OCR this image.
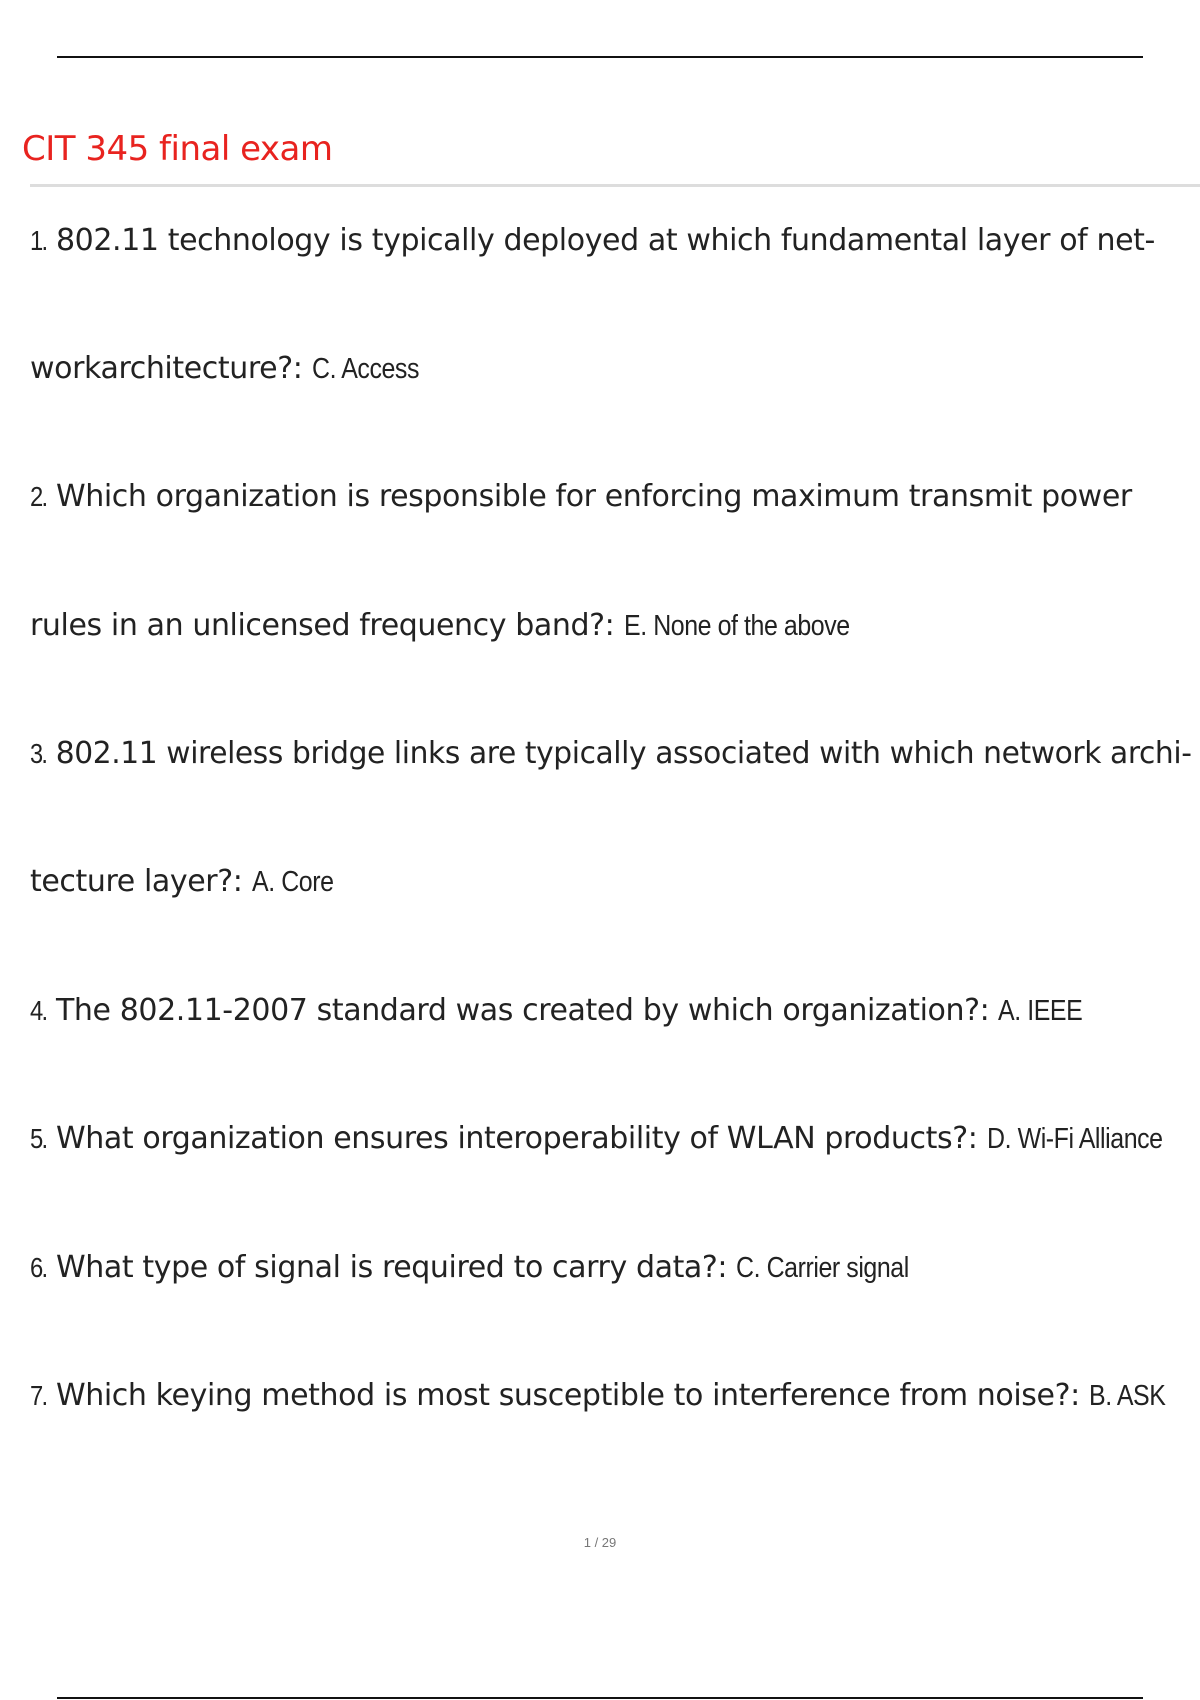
CIT 345 final exam

1. 802.11 technology is typically deployed at which fundamental layer of net-

workarchitecture?: C. Access

2. Which organization is responsible for enforcing maximum transmit power

rules in an unlicensed frequency band?: E. None of the above

3. 802.11 wireless bridge links are typically associated with which network archi-

tecture layer?: A. Core

4. The 802.11-2007 standard was created by which organization?: A. IEEE

5. What organization ensures interoperability of WLAN products?: D. Wi-Fi Alliance

6. What type of signal is required to carry data?: C. Carrier signal

7. Which keying method is most susceptible to interference from noise?: B. ASK

1 / 29
